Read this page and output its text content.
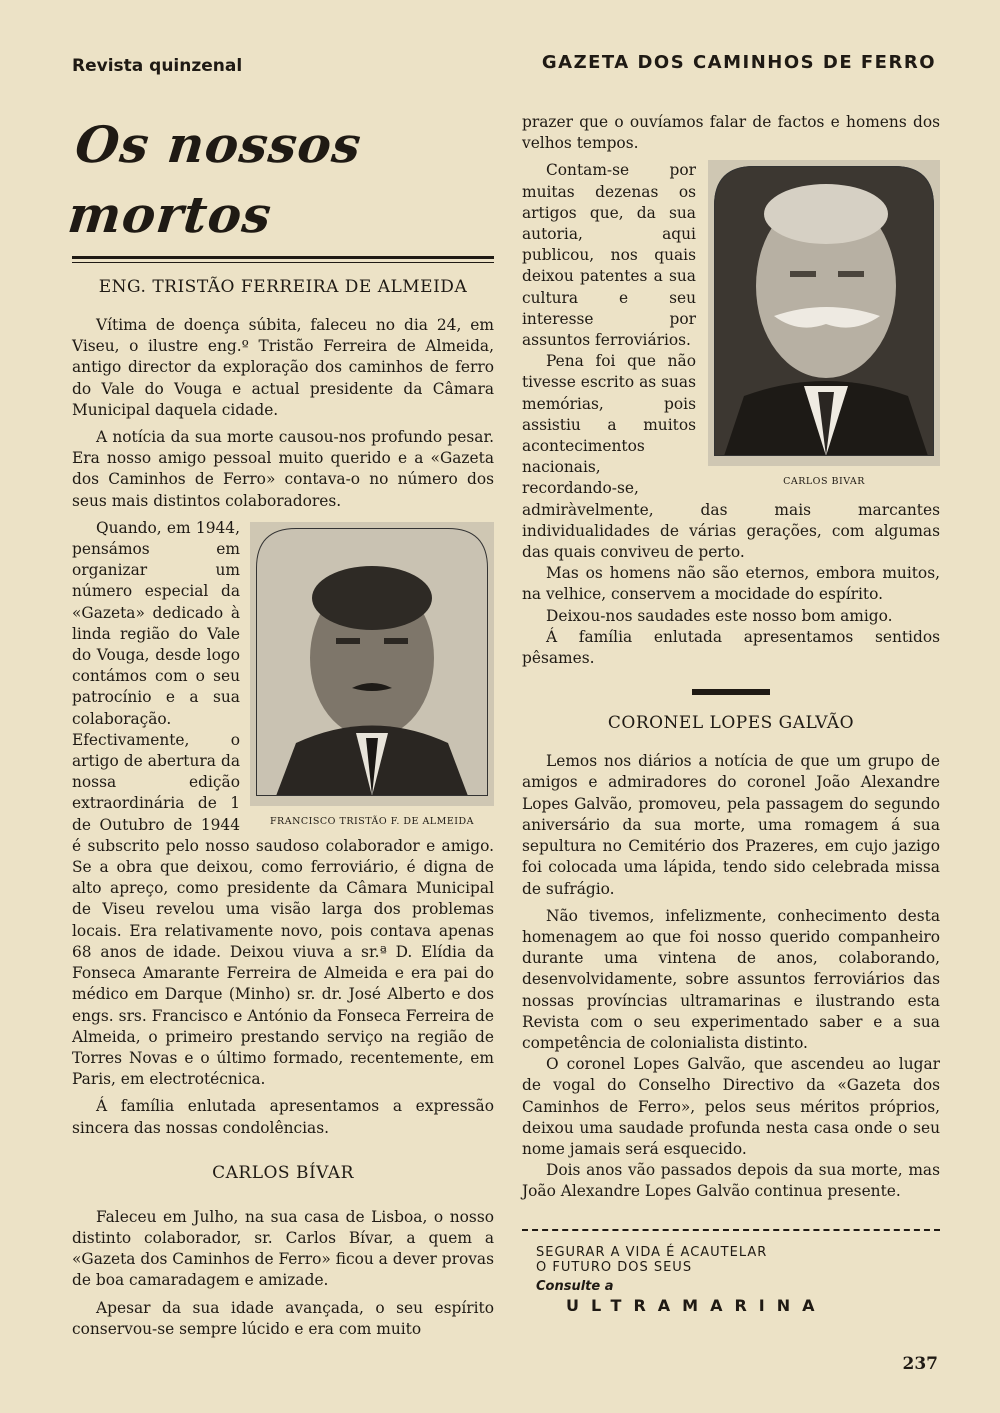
Revista quinzenal	GAZETA DOS CAMINHOS DE FERRO
Os nossos mortos
ENG. TRISTÃO FERREIRA DE ALMEIDA

Vítima de doença súbita, faleceu no dia 24, em Viseu, o ilustre eng.º Tristão Ferreira de Almeida, antigo director da exploração dos caminhos de ferro do Vale do Vouga e actual presidente da Câmara Municipal daquela cidade.

A notícia da sua morte causou-nos profundo pesar. Era nosso amigo pessoal muito querido e a «Gazeta dos Caminhos de Ferro» contava-o no número dos seus mais distintos colaboradores.

FRANCISCO TRISTÃO F. DE ALMEIDA

Quando, em 1944, pensámos em organizar um número especial da «Gazeta» dedicado à linda região do Vale do Vouga, desde logo contámos com o seu patrocínio e a sua colaboração. Efectivamente, o artigo de abertura da nossa edição extraordinária de 1 de Outubro de 1944 é subscrito pelo nosso saudoso colaborador e amigo. Se a obra que deixou, como ferroviário, é digna de alto apreço, como presidente da Câmara Municipal de Viseu revelou uma visão larga dos problemas locais. Era relativamente novo, pois contava apenas 68 anos de idade. Deixou viuva a sr.ª D. Elídia da Fonseca Amarante Ferreira de Almeida e era pai do médico em Darque (Minho) sr. dr. José Alberto e dos engs. srs. Francisco e António da Fonseca Ferreira de Almeida, o primeiro prestando serviço na região de Torres Novas e o último formado, recentemente, em Paris, em electrotécnica.

Á família enlutada apresentamos a expressão sincera das nossas condolências.

CARLOS BÍVAR

Faleceu em Julho, na sua casa de Lisboa, o nosso distinto colaborador, sr. Carlos Bívar, a quem a «Gazeta dos Caminhos de Ferro» ficou a dever provas de boa camaradagem e amizade.

Apesar da sua idade avançada, o seu espírito conservou-se sempre lúcido e era com muito

prazer que o ouvíamos falar de factos e homens dos velhos tempos.

CARLOS BIVAR

Contam-se por muitas dezenas os artigos que, da sua autoria, aqui publicou, nos quais deixou patentes a sua cultura e seu interesse por assuntos ferroviários.

Pena foi que não tivesse escrito as suas memórias, pois assistiu a muitos acontecimentos nacionais, recordando-se, admiràvelmente, das mais marcantes individualidades de várias gerações, com algumas das quais conviveu de perto.

Mas os homens não são eternos, embora muitos, na velhice, conservem a mocidade do espírito.

Deixou-nos saudades este nosso bom amigo.

Á família enlutada apresentamos sentidos pêsames.

CORONEL LOPES GALVÃO

Lemos nos diários a notícia de que um grupo de amigos e admiradores do coronel João Alexandre Lopes Galvão, promoveu, pela passagem do segundo aniversário da sua morte, uma romagem á sua sepultura no Cemitério dos Prazeres, em cujo jazigo foi colocada uma lápida, tendo sido celebrada missa de sufrágio.

Não tivemos, infelizmente, conhecimento desta homenagem ao que foi nosso querido companheiro durante uma vintena de anos, colaborando, desenvolvidamente, sobre assuntos ferroviários das nossas províncias ultramarinas e ilustrando esta Revista com o seu experimentado saber e a sua competência de colonialista distinto.

O coronel Lopes Galvão, que ascendeu ao lugar de vogal do Conselho Directivo da «Gazeta dos Caminhos de Ferro», pelos seus méritos próprios, deixou uma saudade profunda nesta casa onde o seu nome jamais será esquecido.

Dois anos vão passados depois da sua morte, mas João Alexandre Lopes Galvão continua presente.

SEGURAR A VIDA É ACAUTELAR
O FUTURO DOS SEUS
Consulte a
ULTRAMARINA
237
